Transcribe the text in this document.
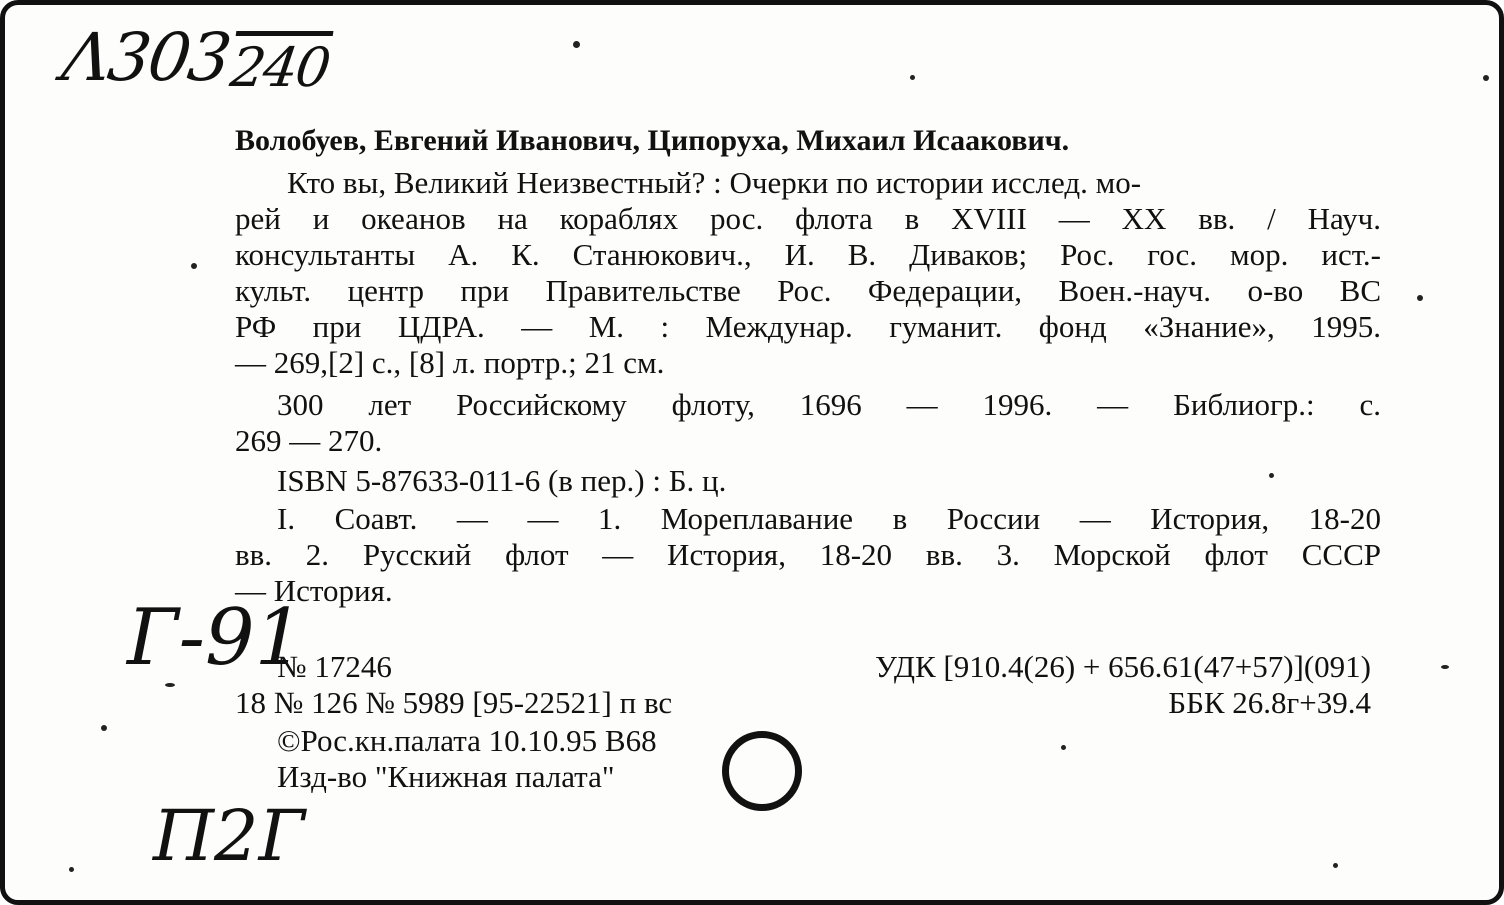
Λ303240
Волобуев, Евгений Иванович, Ципоруха, Михаил Исаакович.
Кто вы, Великий Неизвестный? : Очерки по истории исслед. мо-
рей и океанов на кораблях рос. флота в XVIII — XX вв. / Науч.
консультанты А. К. Станюкович., И. В. Диваков; Рос. гос. мор. ист.-
культ. центр при Правительстве Рос. Федерации, Воен.-науч. о-во ВС
РФ при ЦДРА. — М. : Междунар. гуманит. фонд «Знание», 1995.
— 269,[2] с., [8] л. портр.; 21 см.
300 лет Российскому флоту, 1696 — 1996. — Библиогр.: с.
269 — 270.
ISBN 5-87633-011-6 (в пер.) : Б. ц.
I. Соавт. — — 1. Мореплавание в России — История, 18-20
вв. 2. Русский флот — История, 18-20 вв. 3. Морской флот СССР
— История.
Г-91
№ 17246	УДК [910.4(26) + 656.61(47+57)](091)
18 № 126 № 5989 [95-22521] п вс	ББК 26.8г+39.4
©Рос.кн.палата 10.10.95 В68
Изд-во "Книжная палата"
П2Г
